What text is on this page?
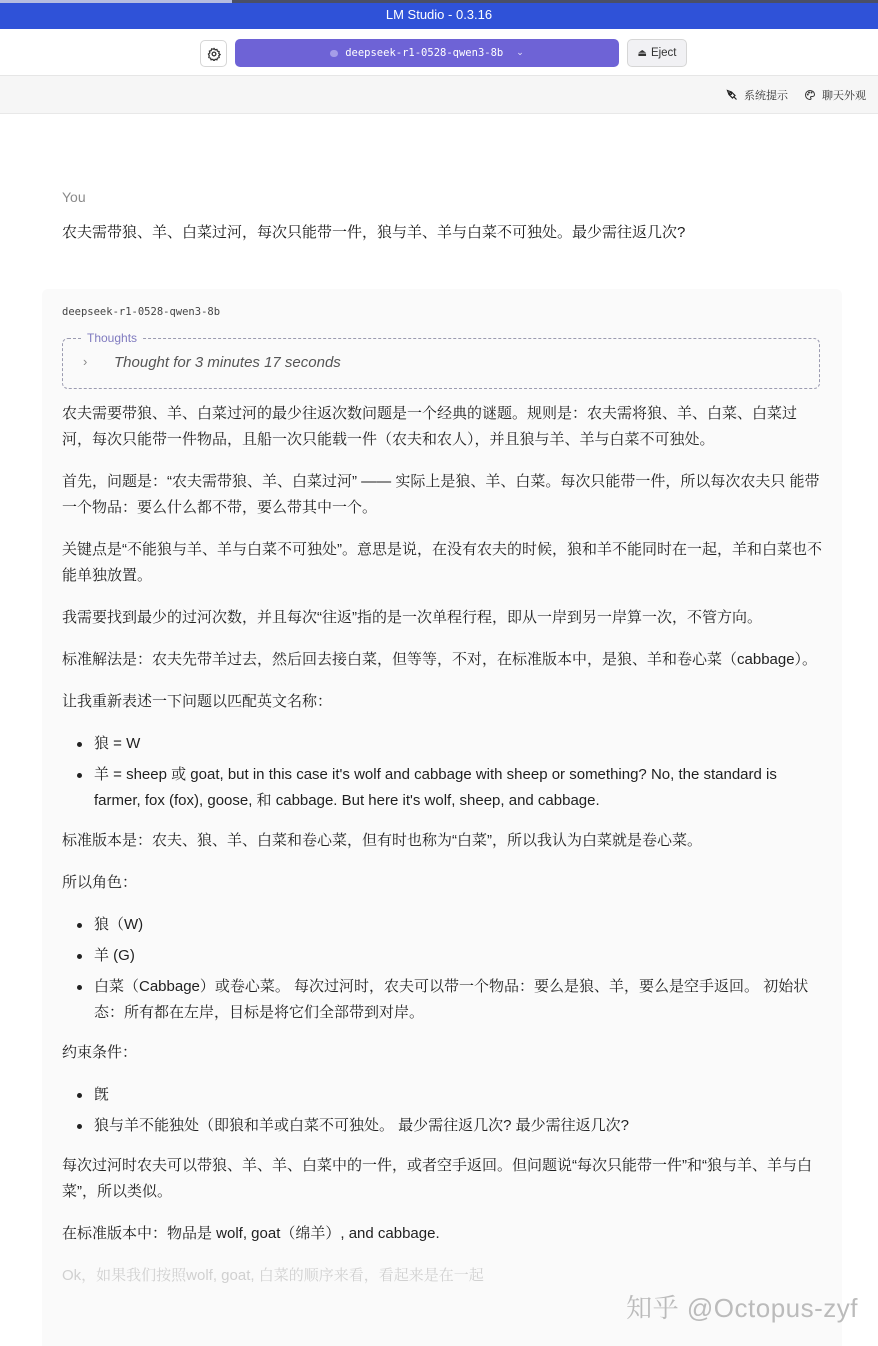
LM Studio - 0.3.16
deepseek-r1-0528-qwen3-8b ⌄	⏏ Eject
系统提示	聊天外观
You
农夫需带狼、羊、白菜过河，每次只能带一件，狼与羊、羊与白菜不可独处。最少需往返几次?
deepseek-r1-0528-qwen3-8b
Thoughts
› Thought for 3 minutes 17 seconds

农夫需要带狼、羊、白菜过河的最少往返次数问题是一个经典的谜题。规则是：农夫需将狼、羊、白菜、白菜过河，每次只能带一件物品，且船一次只能载一件（农夫和农人），并且狼与羊、羊与白菜不可独处。

首先，问题是：“农夫需带狼、羊、白菜过河” —— 实际上是狼、羊、白菜。每次只能带一件，所以每次农夫只 能带一个物品：要么什么都不带，要么带其中一个。

关键点是“不能狼与羊、羊与白菜不可独处”。意思是说，在没有农夫的时候，狼和羊不能同时在一起，羊和白菜也不能单独放置。

我需要找到最少的过河次数，并且每次“往返”指的是一次单程行程，即从一岸到另一岸算一次，不管方向。

标准解法是：农夫先带羊过去，然后回去接白菜，但等等，不对，在标准版本中，是狼、羊和卷心菜（cabbage）。

让我重新表述一下问题以匹配英文名称：

狼 = W
羊 = sheep 或 goat, but in this case it's wolf and cabbage with sheep or something? No, the standard is farmer, fox (fox), goose, 和 cabbage. But here it's wolf, sheep, and cabbage.

标准版本是：农夫、狼、羊、白菜和卷心菜，但有时也称为“白菜”，所以我认为白菜就是卷心菜。

所以角色：

狼（W)
羊 (G)
白菜（Cabbage）或卷心菜。 每次过河时，农夫可以带一个物品：要么是狼、羊，要么是空手返回。 初始状态：所有都在左岸，目标是将它们全部带到对岸。

约束条件：

旣
狼与羊不能独处（即狼和羊或白菜不可独处。 最少需往返几次? 最少需往返几次?

每次过河时农夫可以带狼、羊、羊、白菜中的一件，或者空手返回。但问题说“每次只能带一件”和“狼与羊、羊与白菜”，所以类似。

在标准版本中：物品是 wolf, goat（绵羊）, and cabbage.

Ok，如果我们按照wolf, goat, 白菜的顺序来看，看起来是在一起

知乎 @Octopus-zyf
